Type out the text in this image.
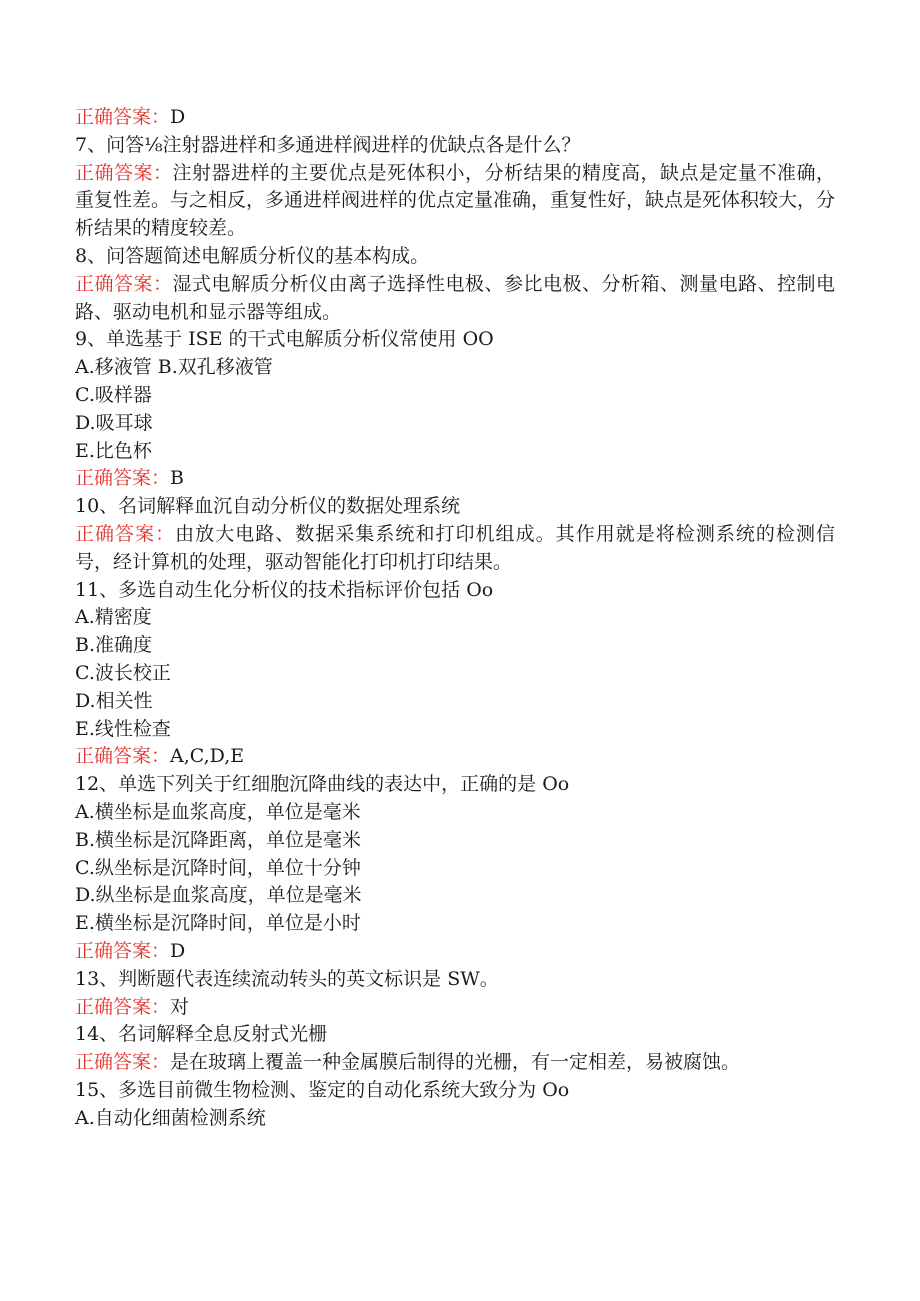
正确答案：D

7、问答⅛注射器进样和多通进样阀进样的优缺点各是什么？

正确答案：注射器进样的主要优点是死体积小，分析结果的精度高，缺点是定量不准确，重复性差。与之相反，多通进样阀进样的优点定量准确，重复性好，缺点是死体积较大，分析结果的精度较差。

8、问答题简述电解质分析仪的基本构成。

正确答案：湿式电解质分析仪由离子选择性电极、参比电极、分析箱、测量电路、控制电路、驱动电机和显示器等组成。

9、单选基于 ISE 的干式电解质分析仪常使用 OO

A.移液管 B.双孔移液管

C.吸样器

D.吸耳球

E.比色杯

正确答案：B

10、名词解释血沉自动分析仪的数据处理系统

正确答案：由放大电路、数据采集系统和打印机组成。其作用就是将检测系统的检测信号，经计算机的处理，驱动智能化打印机打印结果。

11、多选自动生化分析仪的技术指标评价包括 Oo

A.精密度

B.准确度

C.波长校正

D.相关性

E.线性检查

正确答案：A,C,D,E

12、单选下列关于红细胞沉降曲线的表达中，正确的是 Oo

A.横坐标是血浆高度，单位是毫米

B.横坐标是沉降距离，单位是毫米

C.纵坐标是沉降时间，单位十分钟

D.纵坐标是血浆高度，单位是毫米

E.横坐标是沉降时间，单位是小时

正确答案：D

13、判断题代表连续流动转头的英文标识是 SW。

正确答案：对

14、名词解释全息反射式光栅

正确答案：是在玻璃上覆盖一种金属膜后制得的光栅，有一定相差，易被腐蚀。

15、多选目前微生物检测、鉴定的自动化系统大致分为 Oo

A.自动化细菌检测系统
